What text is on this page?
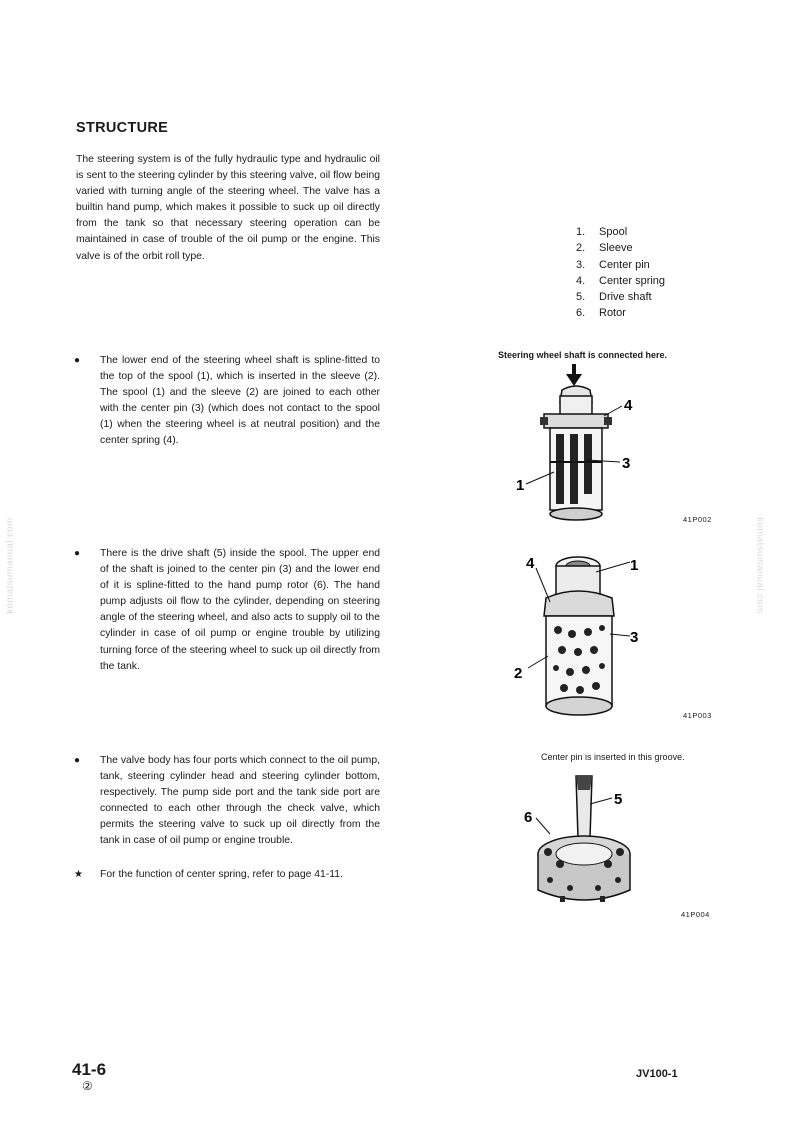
STRUCTURE
The steering system is of the fully hydraulic type and hydraulic oil is sent to the steering cylinder by this steering valve, oil flow being varied with turning angle of the steering wheel. The valve has a builtin hand pump, which makes it possible to suck up oil directly from the tank so that necessary steering operation can be maintained in case of trouble of the oil pump or the engine. This valve is of the orbit roll type.
1.	Spool
2.	Sleeve
3.	Center pin
4.	Center spring
5.	Drive shaft
6.	Rotor
●	The lower end of the steering wheel shaft is spline-fitted to the top of the spool (1), which is inserted in the sleeve (2). The spool (1) and the sleeve (2) are joined to each other with the center pin (3) (which does not contact to the spool (1) when the steering wheel is at neutral position) and the center spring (4).
●	There is the drive shaft (5) inside the spool. The upper end of the shaft is joined to the center pin (3) and the lower end of it is spline-fitted to the hand pump rotor (6). The hand pump adjusts oil flow to the cylinder, depending on steering angle of the steering wheel, and also acts to supply oil to the cylinder in case of oil pump or engine trouble by utilizing turning force of the steering wheel to suck up oil directly from the tank.
●	The valve body has four ports which connect to the oil pump, tank, steering cylinder head and steering cylinder bottom, respectively. The pump side port and the tank side port are connected to each other through the check valve, which permits the steering valve to suck up oil directly from the tank in case of oil pump or engine trouble.
★	For the function of center spring, refer to page 41-11.
Steering wheel shaft is connected here.
4
3
1
41P002
4	1
3
2
41P003
Center pin is inserted in this groove.
5
6
41P004
komatsumanual.com	komatsumanual.com
41-6
②
JV100-1
